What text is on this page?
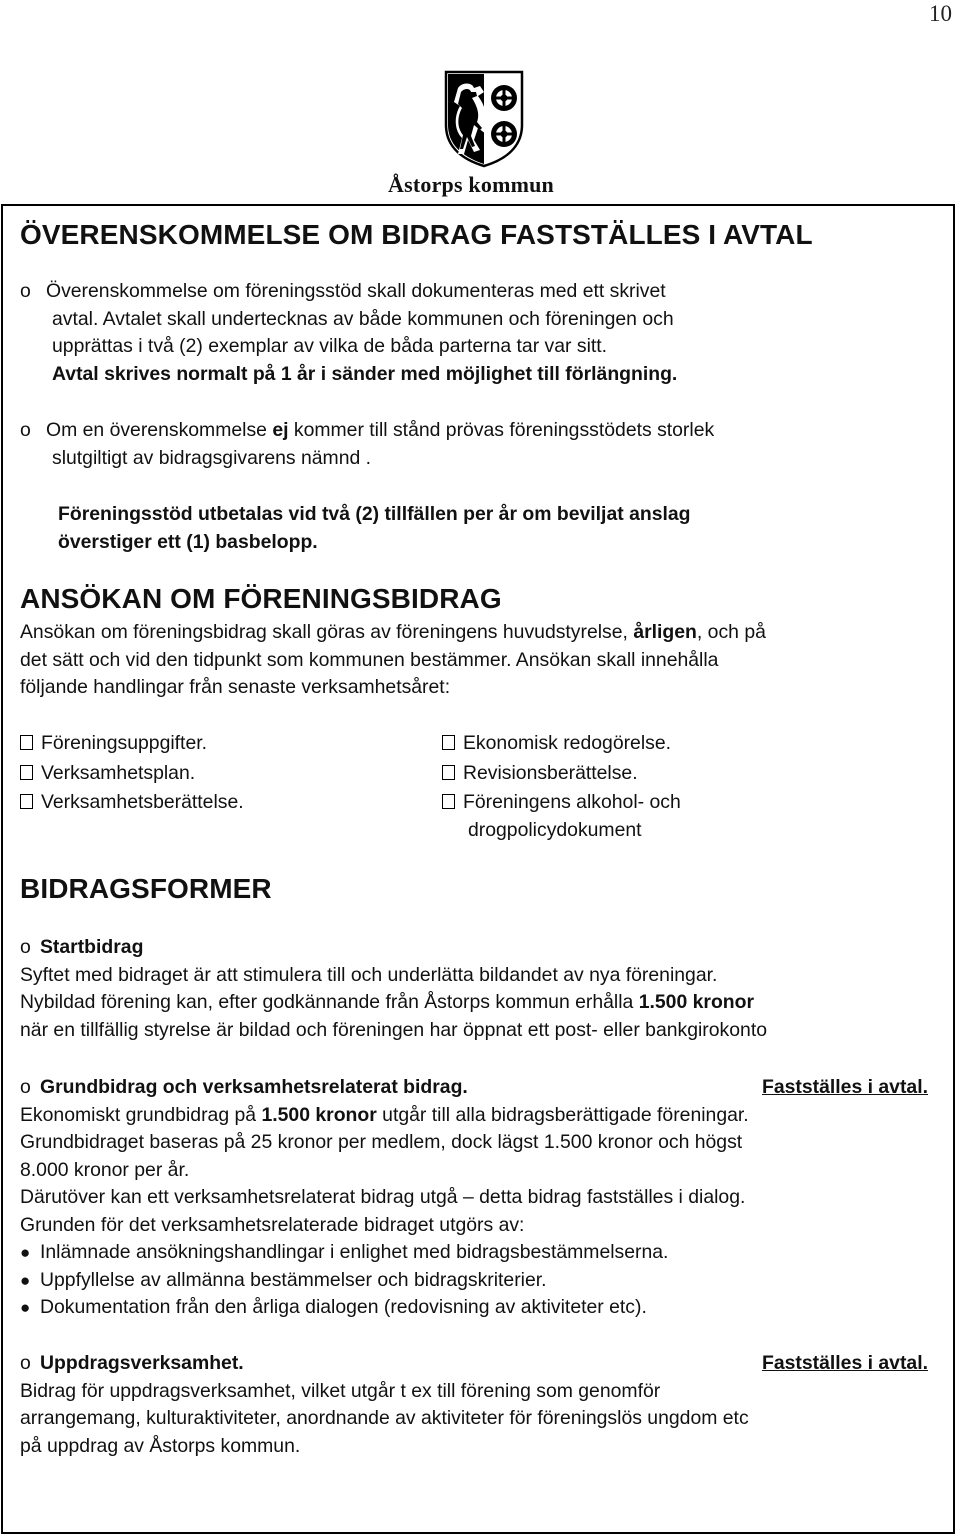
10
Åstorps kommun
ÖVERENSKOMMELSE OM BIDRAG FASTSTÄLLES I AVTAL
o Överenskommelse om föreningsstöd skall dokumenteras med ett skrivet
avtal. Avtalet skall undertecknas av både kommunen och föreningen och
upprättas i två (2) exemplar av vilka de båda parterna tar var sitt.
Avtal skrives normalt på 1 år i sänder med möjlighet till förlängning.
o Om en överenskommelse ej kommer till stånd prövas föreningsstödets storlek
slutgiltigt av bidragsgivarens nämnd .
Föreningsstöd utbetalas vid två (2) tillfällen per år om beviljat anslag
överstiger ett (1) basbelopp.
ANSÖKAN OM FÖRENINGSBIDRAG
Ansökan om föreningsbidrag skall göras av föreningens huvudstyrelse, årligen, och på
det sätt och vid den tidpunkt som kommunen bestämmer. Ansökan skall innehålla
följande handlingar från senaste verksamhetsåret:
Föreningsuppgifter.
Verksamhetsplan.
Verksamhetsberättelse.
Ekonomisk redogörelse.
Revisionsberättelse.
Föreningens alkohol- och
drogpolicydokument
BIDRAGSFORMER
o Startbidrag
Syftet med bidraget är att stimulera till och underlätta bildandet av nya föreningar.
Nybildad förening kan, efter godkännande från Åstorps kommun erhålla 1.500 kronor
när en tillfällig styrelse är bildad och föreningen har öppnat ett post- eller bankgirokonto
o Grundbidrag och verksamhetsrelaterat bidrag.	Fastställes i avtal.
Ekonomiskt grundbidrag på 1.500 kronor utgår till alla bidragsberättigade föreningar.
Grundbidraget baseras på 25 kronor per medlem, dock lägst 1.500 kronor och högst
8.000 kronor per år.
Därutöver kan ett verksamhetsrelaterat bidrag utgå – detta bidrag fastställes i dialog.
Grunden för det verksamhetsrelaterade bidraget utgörs av:
● Inlämnade ansökningshandlingar i enlighet med bidragsbestämmelserna.
● Uppfyllelse av allmänna bestämmelser och bidragskriterier.
● Dokumentation från den årliga dialogen (redovisning av aktiviteter etc).
o Uppdragsverksamhet.	Fastställes i avtal.
Bidrag för uppdragsverksamhet, vilket utgår t ex till förening som genomför
arrangemang, kulturaktiviteter, anordnande av aktiviteter för föreningslös ungdom etc
på uppdrag av Åstorps kommun.
